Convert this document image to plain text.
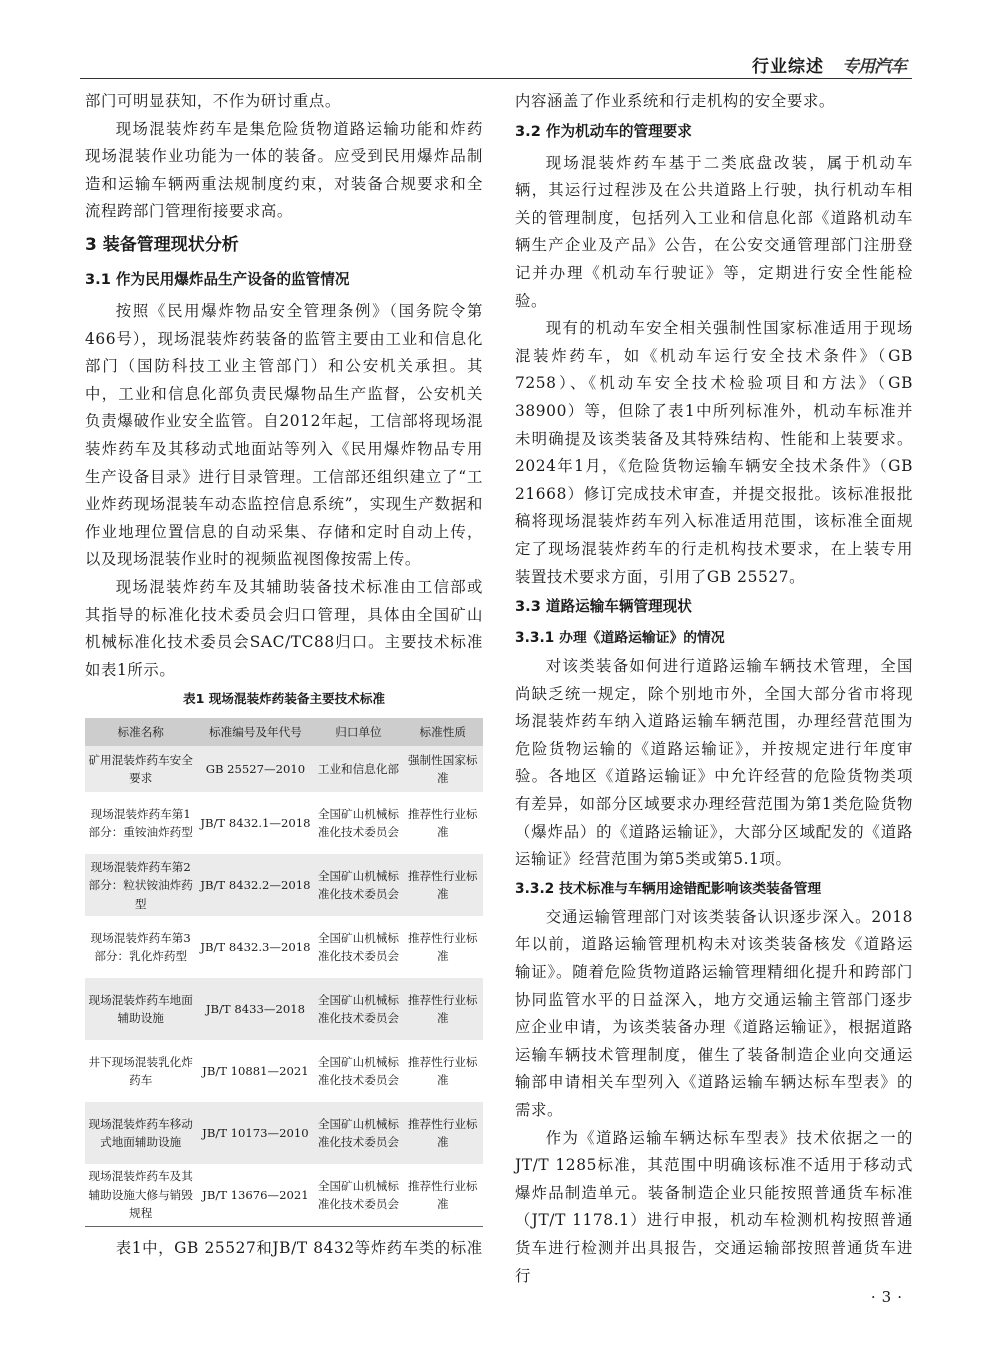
行业综述 专用汽车

部门可明显获知，不作为研讨重点。

现场混装炸药车是集危险货物道路运输功能和炸药现场混装作业功能为一体的装备。应受到民用爆炸品制造和运输车辆两重法规制度约束，对装备合规要求和全流程跨部门管理衔接要求高。

3 装备管理现状分析
3.1 作为民用爆炸品生产设备的监管情况

按照《民用爆炸物品安全管理条例》（国务院令第466号），现场混装炸药装备的监管主要由工业和信息化部门（国防科技工业主管部门）和公安机关承担。其中，工业和信息化部负责民爆物品生产监督，公安机关负责爆破作业安全监管。自2012年起，工信部将现场混装炸药车及其移动式地面站等列入《民用爆炸物品专用生产设备目录》进行目录管理。工信部还组织建立了“工业炸药现场混装车动态监控信息系统”，实现生产数据和作业地理位置信息的自动采集、存储和定时自动上传，以及现场混装作业时的视频监视图像按需上传。

现场混装炸药车及其辅助装备技术标准由工信部或其指导的标准化技术委员会归口管理，具体由全国矿山机械标准化技术委员会SAC/TC88归口。主要技术标准如表1所示。

表1 现场混装炸药装备主要技术标准
标准名称	标准编号及年代号	归口单位	标准性质
矿用混装炸药车安全要求	GB 25527—2010	工业和信息化部	强制性国家标准
现场混装炸药车第1部分：重铵油炸药型	JB/T 8432.1—2018	全国矿山机械标准化技术委员会	推荐性行业标准
现场混装炸药车第2部分：粒状铵油炸药型	JB/T 8432.2—2018	全国矿山机械标准化技术委员会	推荐性行业标准
现场混装炸药车第3部分：乳化炸药型	JB/T 8432.3—2018	全国矿山机械标准化技术委员会	推荐性行业标准
现场混装炸药车地面辅助设施	JB/T 8433—2018	全国矿山机械标准化技术委员会	推荐性行业标准
井下现场混装乳化炸药车	JB/T 10881—2021	全国矿山机械标准化技术委员会	推荐性行业标准
现场混装炸药车移动式地面辅助设施	JB/T 10173—2010	全国矿山机械标准化技术委员会	推荐性行业标准
现场混装炸药车及其辅助设施大修与销毁规程	JB/T 13676—2021	全国矿山机械标准化技术委员会	推荐性行业标准

表1中，GB 25527和JB/T 8432等炸药车类的标准

内容涵盖了作业系统和行走机构的安全要求。

3.2 作为机动车的管理要求

现场混装炸药车基于二类底盘改装，属于机动车辆，其运行过程涉及在公共道路上行驶，执行机动车相关的管理制度，包括列入工业和信息化部《道路机动车辆生产企业及产品》公告，在公安交通管理部门注册登记并办理《机动车行驶证》等，定期进行安全性能检验。

现有的机动车安全相关强制性国家标准适用于现场混装炸药车，如《机动车运行安全技术条件》（GB 7258）、《机动车安全技术检验项目和方法》（GB 38900）等，但除了表1中所列标准外，机动车标准并未明确提及该类装备及其特殊结构、性能和上装要求。2024年1月，《危险货物运输车辆安全技术条件》（GB 21668）修订完成技术审查，并提交报批。该标准报批稿将现场混装炸药车列入标准适用范围，该标准全面规定了现场混装炸药车的行走机构技术要求，在上装专用装置技术要求方面，引用了GB 25527。

3.3 道路运输车辆管理现状
3.3.1 办理《道路运输证》的情况

对该类装备如何进行道路运输车辆技术管理，全国尚缺乏统一规定，除个别地市外，全国大部分省市将现场混装炸药车纳入道路运输车辆范围，办理经营范围为危险货物运输的《道路运输证》，并按规定进行年度审验。各地区《道路运输证》中允许经营的危险货物类项有差异，如部分区域要求办理经营范围为第1类危险货物（爆炸品）的《道路运输证》，大部分区域配发的《道路运输证》经营范围为第5类或第5.1项。

3.3.2 技术标准与车辆用途错配影响该类装备管理

交通运输管理部门对该类装备认识逐步深入。2018年以前，道路运输管理机构未对该类装备核发《道路运输证》。随着危险货物道路运输管理精细化提升和跨部门协同监管水平的日益深入，地方交通运输主管部门逐步应企业申请，为该类装备办理《道路运输证》，根据道路运输车辆技术管理制度，催生了装备制造企业向交通运输部申请相关车型列入《道路运输车辆达标车型表》的需求。

作为《道路运输车辆达标车型表》技术依据之一的JT/T 1285标准，其范围中明确该标准不适用于移动式爆炸品制造单元。装备制造企业只能按照普通货车标准（JT/T 1178.1）进行申报，机动车检测机构按照普通货车进行检测并出具报告，交通运输部按照普通货车进行

·3·
